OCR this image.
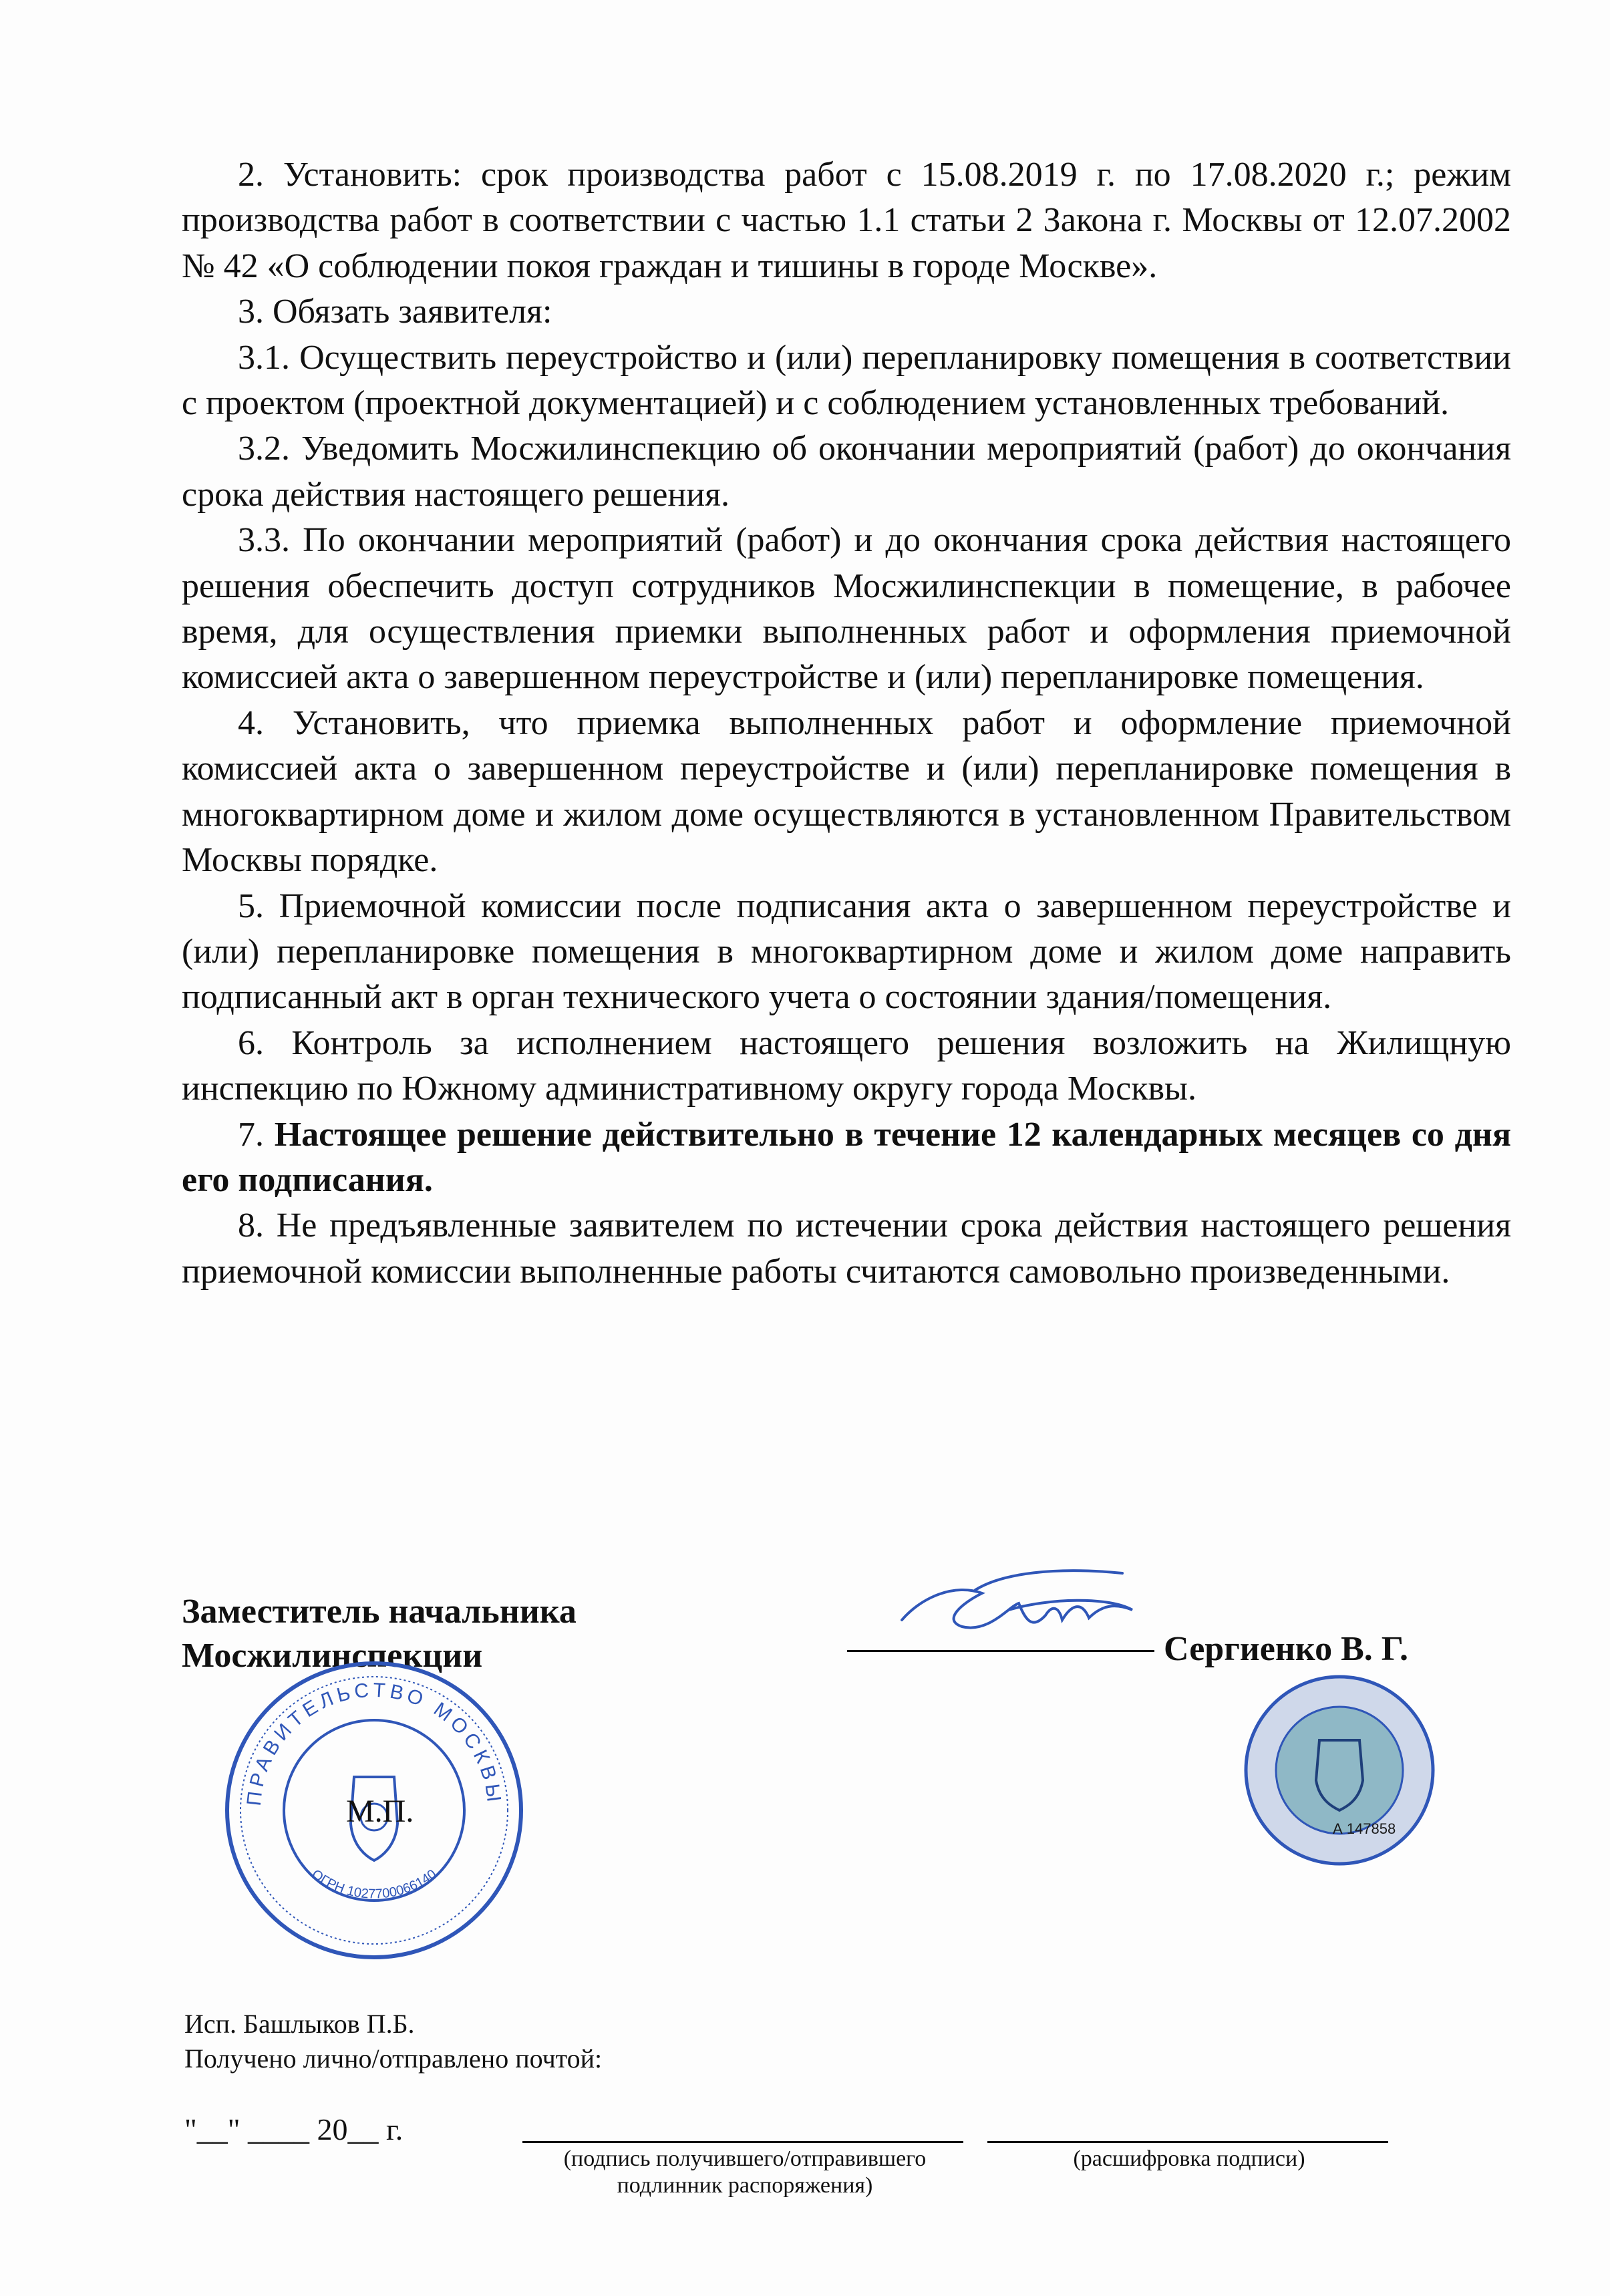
2. Установить: срок производства работ с 15.08.2019 г. по 17.08.2020 г.; режим производства работ в соответствии с частью 1.1 статьи 2 Закона г. Москвы от 12.07.2002 № 42 «О соблюдении покоя граждан и тишины в городе Москве».

3. Обязать заявителя:

3.1. Осуществить переустройство и (или) перепланировку помещения в соответствии с проектом (проектной документацией) и с соблюдением установленных требований.

3.2. Уведомить Мосжилинспекцию об окончании мероприятий (работ) до окончания срока действия настоящего решения.

3.3. По окончании мероприятий (работ) и до окончания срока действия настоящего решения обеспечить доступ сотрудников Мосжилинспекции в помещение, в рабочее время, для осуществления приемки выполненных работ и оформления приемочной комиссией акта о завершенном переустройстве и (или) перепланировке помещения.

4. Установить, что приемка выполненных работ и оформление приемочной комиссией акта о завершенном переустройстве и (или) перепланировке помещения в многоквартирном доме и жилом доме осуществляются в установленном Правительством Москвы порядке.

5. Приемочной комиссии после подписания акта о завершенном переустройстве и (или) перепланировке помещения в многоквартирном доме и жилом доме направить подписанный акт в орган технического учета о состоянии здания/помещения.

6. Контроль за исполнением настоящего решения возложить на Жилищную инспекцию по Южному административному округу города Москвы.

7. Настоящее решение действительно в течение 12 календарных месяцев со дня его подписания.

8. Не предъявленные заявителем по истечении срока действия настоящего решения приемочной комиссии выполненные работы считаются самовольно произведенными.

Заместитель начальника
Мосжилинспекции	Сергиенко В. Г.
ПРАВИТЕЛЬСТВО МОСКВЫ
ОГРН 1027700066140
М.П.	А 147858
Исп. Башлыков П.Б.
Получено лично/отправлено почтой:
"__" ____ 20__ г.
(подпись получившего/отправившего подлинник распоряжения)
(расшифровка подписи)
